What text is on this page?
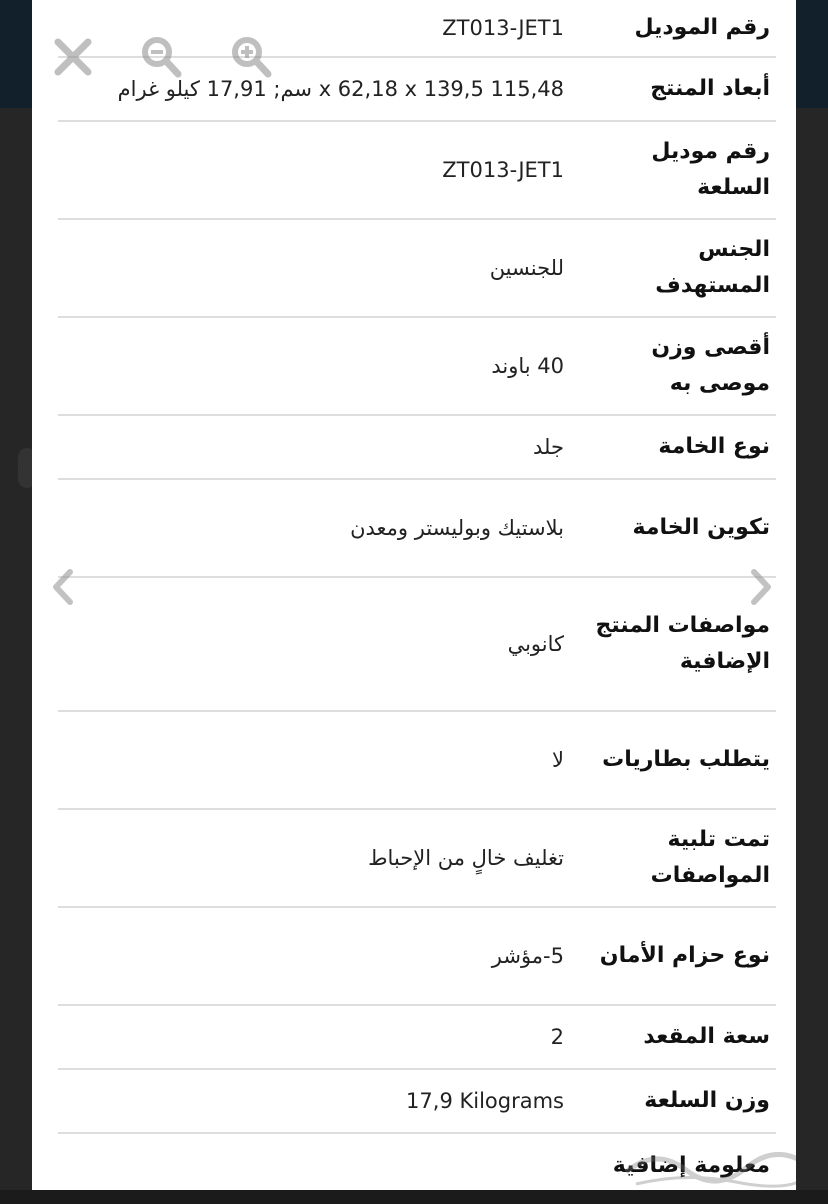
رقم الموديل
ZT013-JET1
أبعاد المنتج
115,48 x 62,18 x 139,5 سم; 17,91 كيلو غرام
رقم موديل السلعة
ZT013-JET1
الجنس المستهدف
للجنسين
أقصى وزن موصى به
40 باوند
نوع الخامة
جلد
تكوين الخامة
بلاستيك وبوليستر ومعدن
مواصفات المنتج الإضافية
كانوبي
يتطلب بطاريات
لا
تمت تلبية المواصفات
تغليف خالٍ من الإحباط
نوع حزام الأمان
5-مؤشر
سعة المقعد
2
وزن السلعة
17,9 Kilograms
معلومة إضافية
